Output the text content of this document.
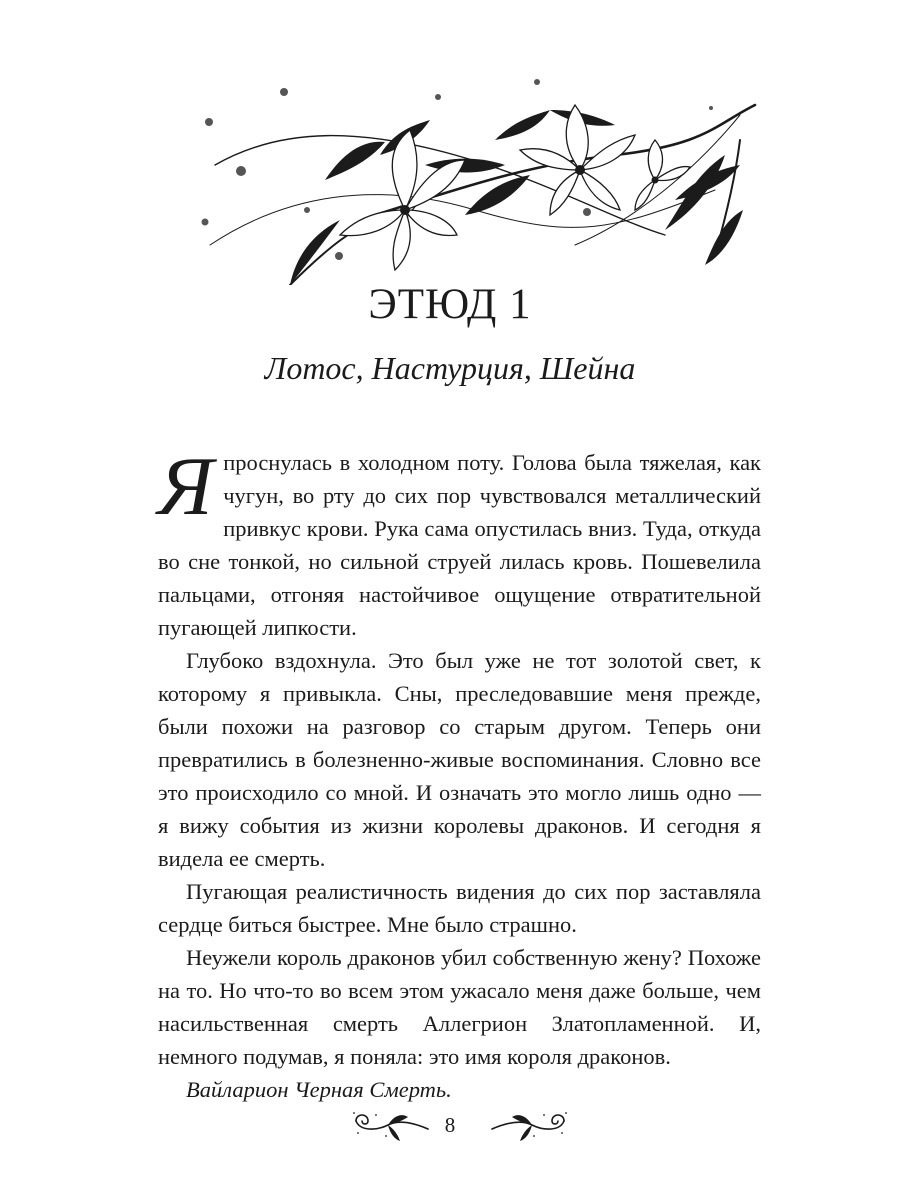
ЭТЮД 1
Лотос, Настурция, Шейна

Я проснулась в холодном поту. Голова была тяжелая, как чугун, во рту до сих пор чувствовался металлический привкус крови. Рука сама опустилась вниз. Туда, откуда во сне тонкой, но сильной струей лилась кровь. Пошевелила пальцами, отгоняя настойчивое ощущение отвратительной пугающей липкости.

Глубоко вздохнула. Это был уже не тот золотой свет, к которому я привыкла. Сны, преследовавшие меня прежде, были похожи на разговор со старым другом. Теперь они превратились в болезненно-живые воспоминания. Словно все это происходило со мной. И означать это могло лишь одно — я вижу события из жизни королевы драконов. И сегодня я видела ее смерть.

Пугающая реалистичность видения до сих пор заставляла сердце биться быстрее. Мне было страшно.

Неужели король драконов убил собственную жену? Похоже на то. Но что-то во всем этом ужасало меня даже больше, чем насильственная смерть Аллегрион Златопламенной. И, немного подумав, я поняла: это имя короля драконов.

Вайларион Черная Смерть.

8
